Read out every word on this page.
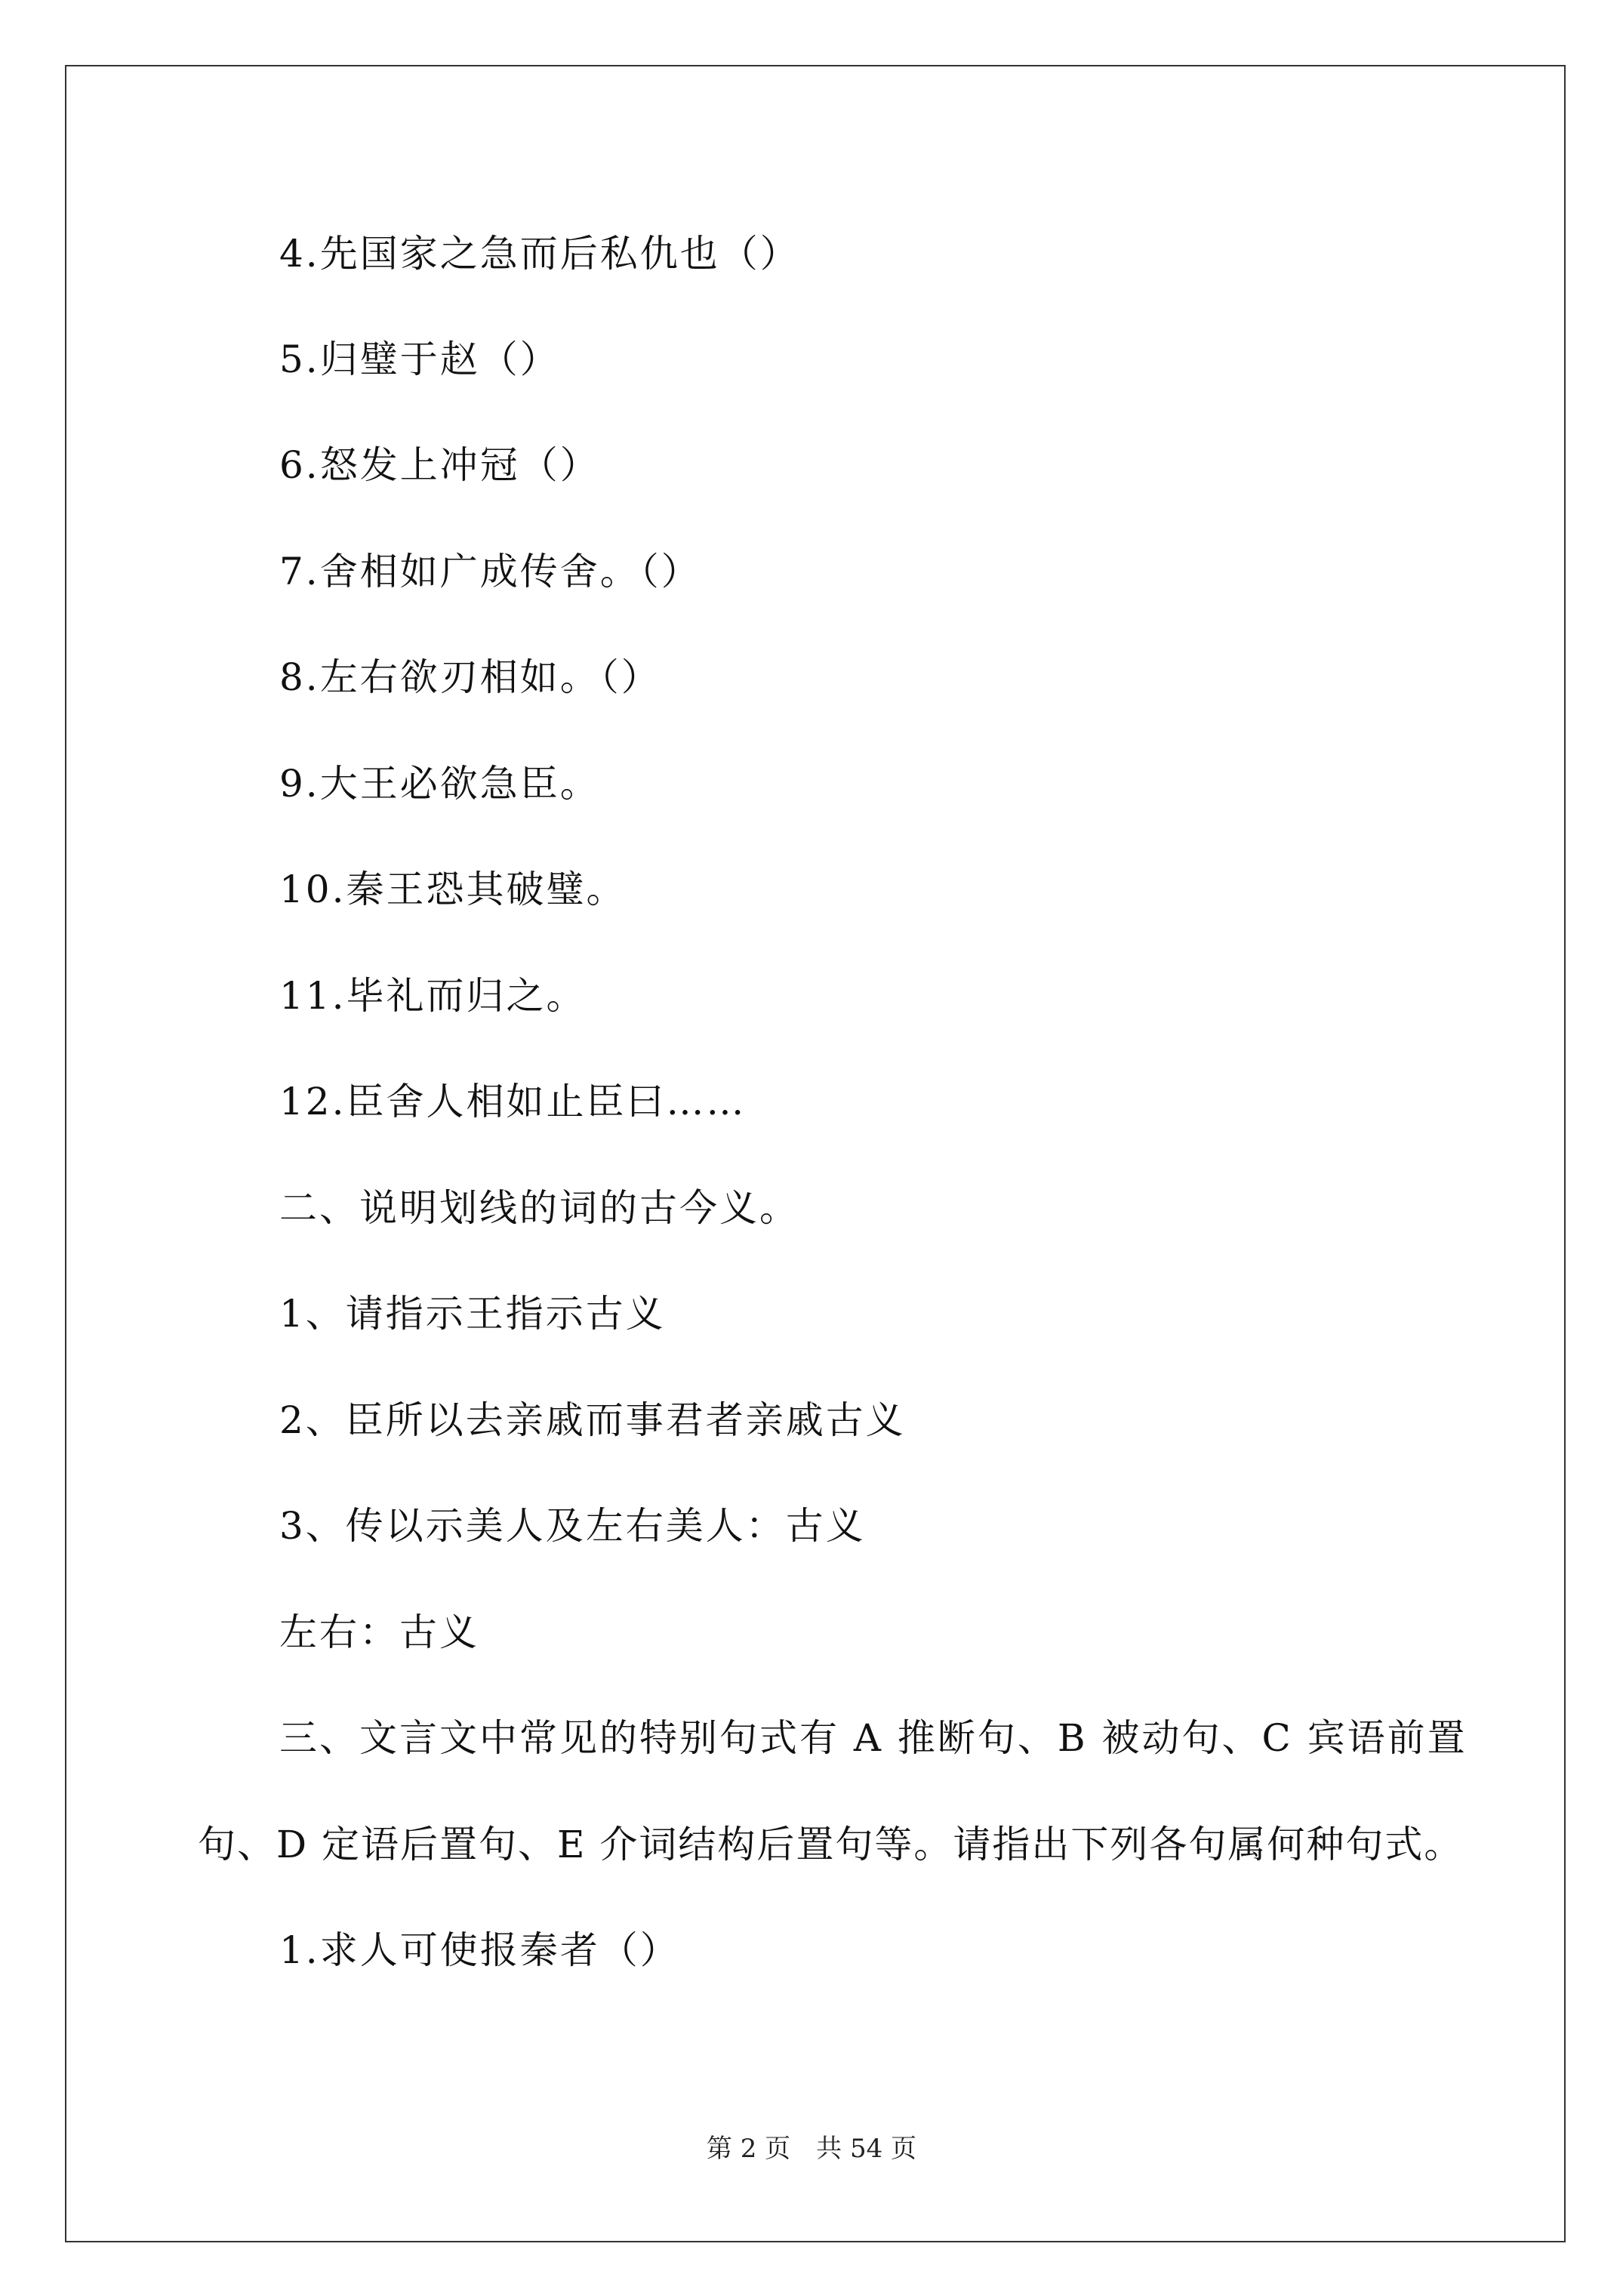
4.先国家之急而后私仇也（）
5.归璧于赵（）
6.怒发上冲冠（）
7.舍相如广成传舍。（）
8.左右欲刃相如。（）
9.大王必欲急臣。
10.秦王恐其破璧。
11.毕礼而归之。
12.臣舍人相如止臣曰……
二、说明划线的词的古今义。
1、请指示王指示古义
2、臣所以去亲戚而事君者亲戚古义
3、传以示美人及左右美人：古义
左右：古义
三、文言文中常见的特别句式有 A 推断句、B 被动句、C 宾语前置
句、D 定语后置句、E 介词结构后置句等。请指出下列各句属何种句式。
1.求人可使报秦者（）
第 2 页　共 54 页
